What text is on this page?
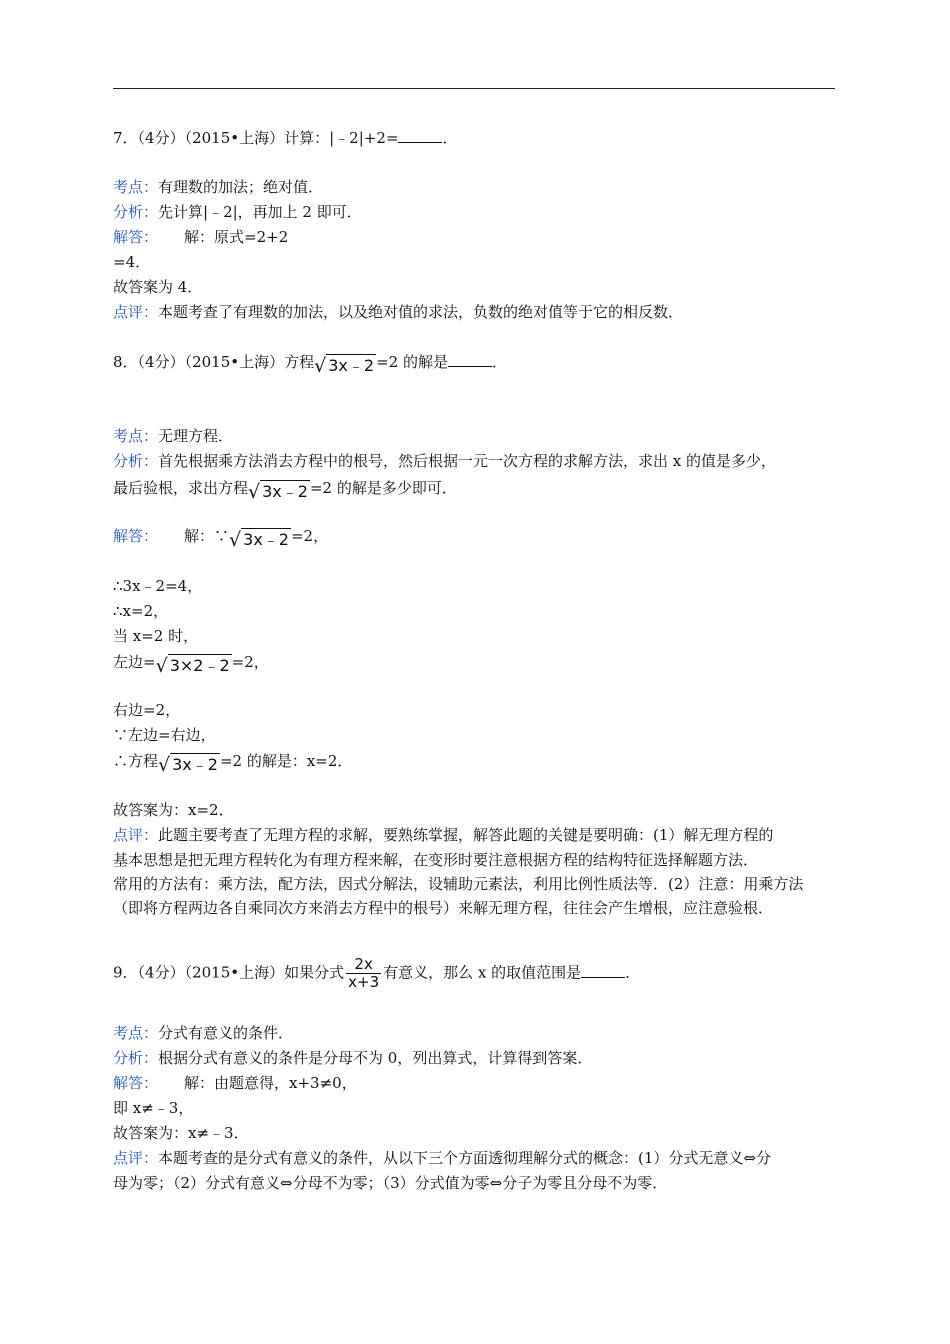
7．（4分）（2015•上海）计算：|﹣2|+2=	．
考点：有理数的加法；绝对值．
分析：先计算|﹣2|，再加上 2 即可．
解答： 解：原式=2+2
=4．
故答案为 4．
点评：本题考查了有理数的加法，以及绝对值的求法，负数的绝对值等于它的相反数．
8．（4分）（2015•上海）方程 √ 3x﹣2 =2 的解是	．
考点：无理方程．
分析：首先根据乘方法消去方程中的根号，然后根据一元一次方程的求解方法，求出 x 的值是多少，
最后验根，求出方程 √ 3x﹣2 =2 的解是多少即可．
解答： 解：∵ √ 3x﹣2 =2，
∴3x﹣2=4，
∴x=2，
当 x=2 时，
左边= √ 3×2﹣2 =2，
右边=2，
∵左边=右边，
∴方程 √ 3x﹣2 =2 的解是：x=2．
故答案为：x=2．
点评：此题主要考查了无理方程的求解，要熟练掌握，解答此题的关键是要明确：(1）解无理方程的
基本思想是把无理方程转化为有理方程来解，在变形时要注意根据方程的结构特征选择解题方法．
常用的方法有：乘方法，配方法，因式分解法，设辅助元素法，利用比例性质法等．(2）注意：用乘方法
（即将方程两边各自乘同次方来消去方程中的根号）来解无理方程，往往会产生增根，应注意验根．
9．（4分）（2015•上海）如果分式 $\frac{2x}{x+3}$ 有意义，那么 x 的取值范围是	．
考点：分式有意义的条件．
分析：根据分式有意义的条件是分母不为 0，列出算式，计算得到答案．
解答： 解：由题意得，x+3≠0，
即 x≠﹣3，
故答案为：x≠﹣3．
点评：本题考查的是分式有意义的条件，从以下三个方面透彻理解分式的概念：(1）分式无意义⇔分
母为零；（2）分式有意义⇔分母不为零；（3）分式值为零⇔分子为零且分母不为零．
